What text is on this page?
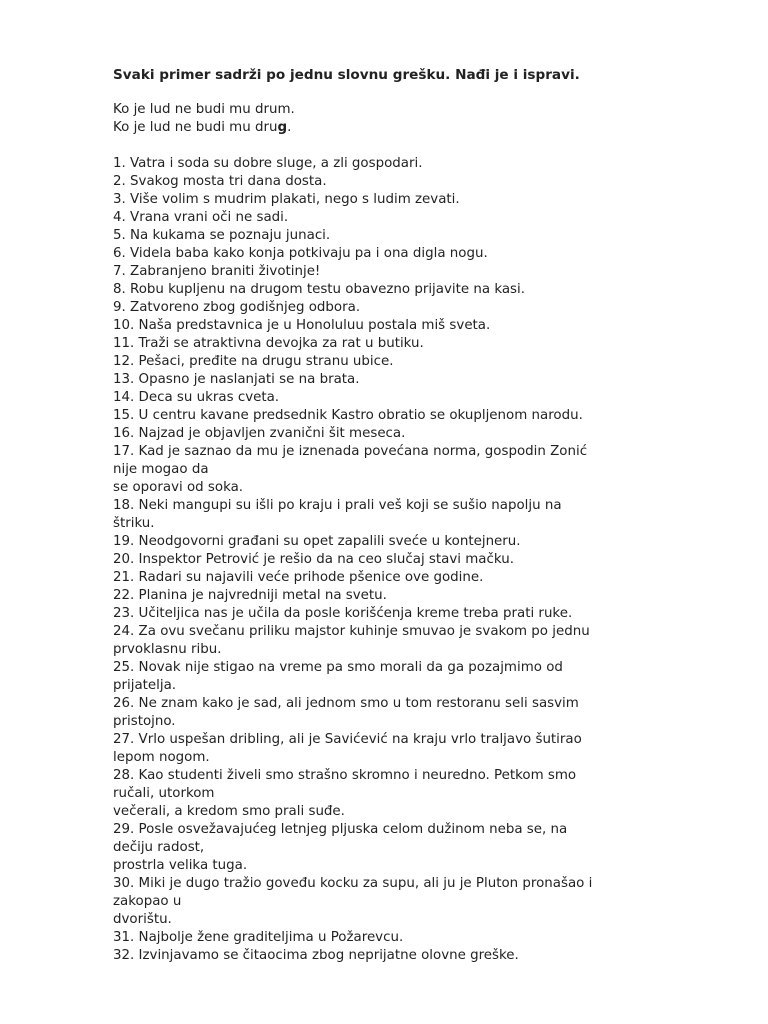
Svaki primer sadrži po jednu slovnu grešku. Nađi je i ispravi.
Ko je lud ne budi mu drum.
Ko je lud ne budi mu drug.
1. Vatra i soda su dobre sluge, a zli gospodari.
2. Svakog mosta tri dana dosta.
3. Više volim s mudrim plakati, nego s ludim zevati.
4. Vrana vrani oči ne sadi.
5. Na kukama se poznaju junaci.
6. Videla baba kako konja potkivaju pa i ona digla nogu.
7. Zabranjeno braniti životinje!
8. Robu kupljenu na drugom testu obavezno prijavite na kasi.
9. Zatvoreno zbog godišnjeg odbora.
10. Naša predstavnica je u Honoluluu postala miš sveta.
11. Traži se atraktivna devojka za rat u butiku.
12. Pešaci, pređite na drugu stranu ubice.
13. Opasno je naslanjati se na brata.
14. Deca su ukras cveta.
15. U centru kavane predsednik Kastro obratio se okupljenom narodu.
16. Najzad je objavljen zvanični šit meseca.
17. Kad je saznao da mu je iznenada povećana norma, gospodin Zonić
nije mogao da
se oporavi od soka.
18. Neki mangupi su išli po kraju i prali veš koji se sušio napolju na
štriku.
19. Neodgovorni građani su opet zapalili sveće u kontejneru.
20. Inspektor Petrović je rešio da na ceo slučaj stavi mačku.
21. Radari su najavili veće prihode pšenice ove godine.
22. Planina je najvredniji metal na svetu.
23. Učiteljica nas je učila da posle korišćenja kreme treba prati ruke.
24. Za ovu svečanu priliku majstor kuhinje smuvao je svakom po jednu
prvoklasnu ribu.
25. Novak nije stigao na vreme pa smo morali da ga pozajmimo od
prijatelja.
26. Ne znam kako je sad, ali jednom smo u tom restoranu seli sasvim
pristojno.
27. Vrlo uspešan dribling, ali je Savićević na kraju vrlo traljavo šutirao
lepom nogom.
28. Kao studenti živeli smo strašno skromno i neuredno. Petkom smo
ručali, utorkom
večerali, a kredom smo prali suđe.
29. Posle osvežavajućeg letnjeg pljuska celom dužinom neba se, na
dečiju radost,
prostrla velika tuga.
30. Miki je dugo tražio goveđu kocku za supu, ali ju je Pluton pronašao i
zakopao u
dvorištu.
31. Najbolje žene graditeljima u Požarevcu.
32. Izvinjavamo se čitaocima zbog neprijatne olovne greške.
